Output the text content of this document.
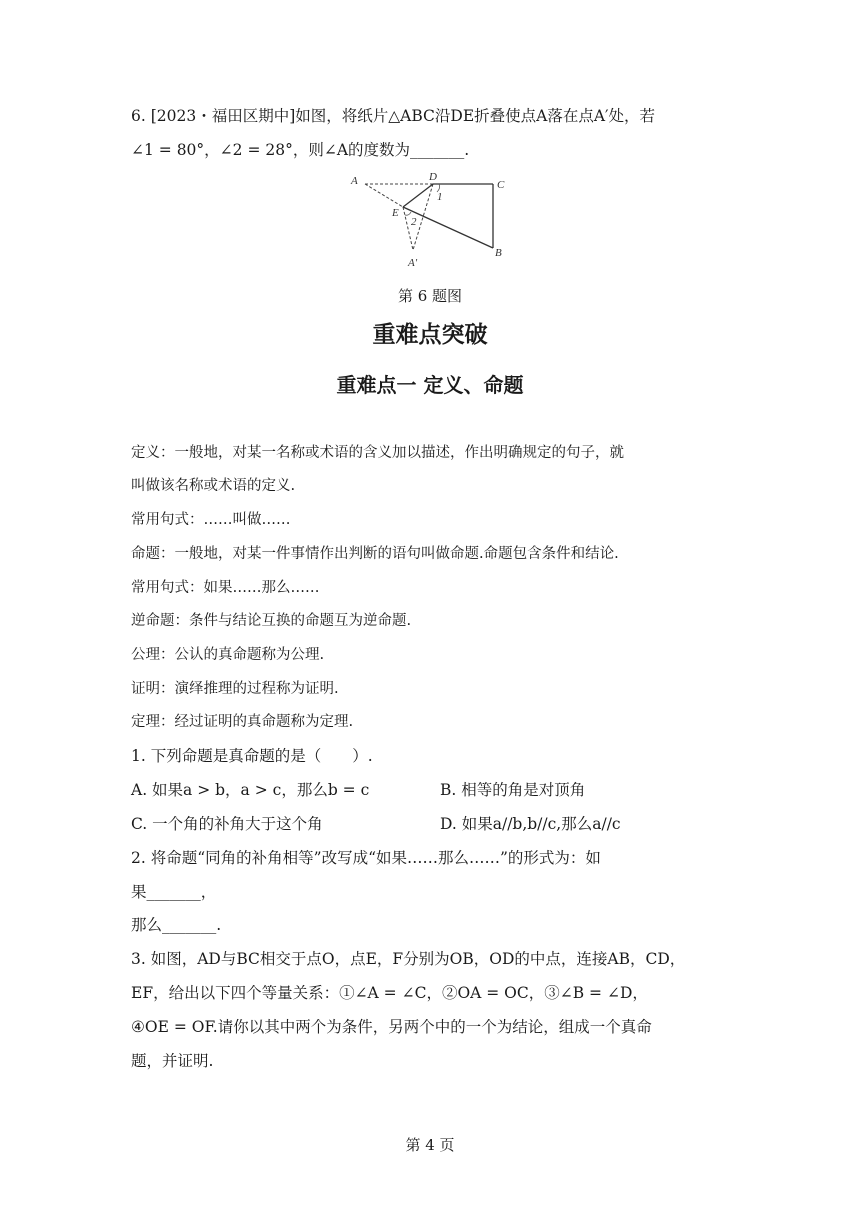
6. [2023・福田区期中]如图，将纸片△ABC沿DE折叠使点A落在点A′处，若
∠1 = 80°，∠2 = 28°，则∠A的度数为_______.
A	D
C
1
E
2
B
A′
第 6 题图
重难点突破
重难点一 定义、命题
定义：一般地，对某一名称或术语的含义加以描述，作出明确规定的句子，就
叫做该名称或术语的定义.
常用句式：……叫做……
命题：一般地，对某一件事情作出判断的语句叫做命题.命题包含条件和结论.
常用句式：如果……那么……
逆命题：条件与结论互换的命题互为逆命题.
公理：公认的真命题称为公理.
证明：演绎推理的过程称为证明.
定理：经过证明的真命题称为定理.
1. 下列命题是真命题的是（　　）.
A. 如果a > b，a > c，那么b = c	B. 相等的角是对顶角
C. 一个角的补角大于这个角	D. 如果a//b,b//c,那么a//c
2. 将命题“同角的补角相等”改写成“如果……那么……”的形式为：如
果_______，
那么_______.
3. 如图，AD与BC相交于点O，点E，F分别为OB，OD的中点，连接AB，CD，
EF，给出以下四个等量关系：①∠A = ∠C，②OA = OC，③∠B = ∠D，
④OE = OF.请你以其中两个为条件，另两个中的一个为结论，组成一个真命
题，并证明.
第 4 页
